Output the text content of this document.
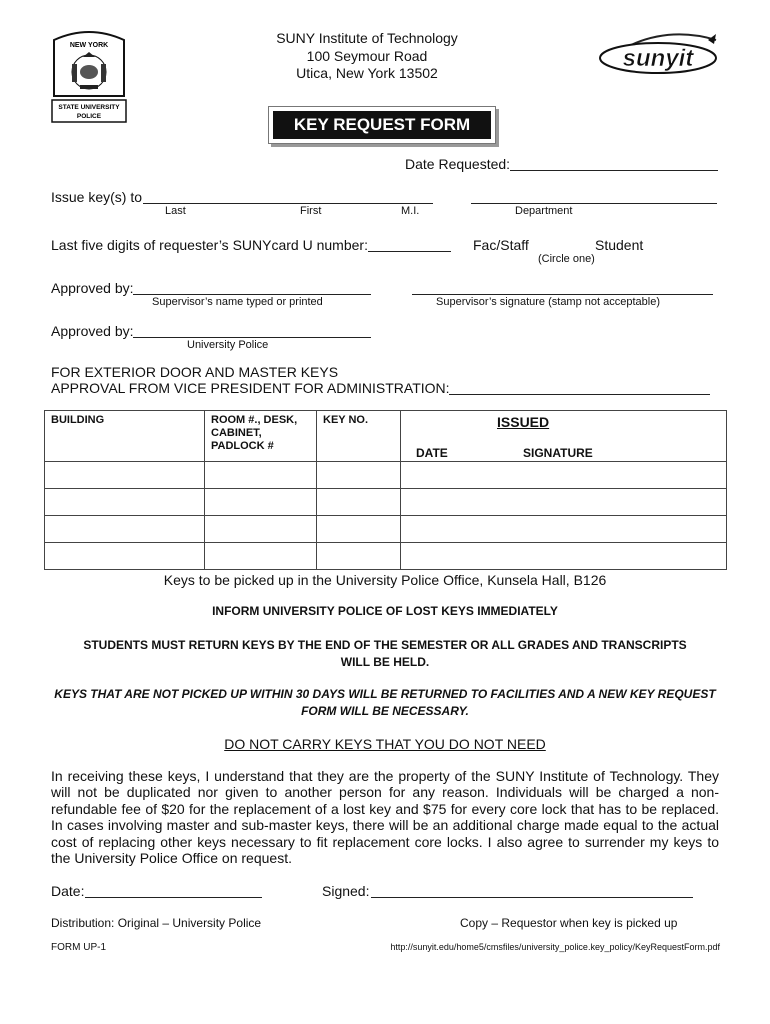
NEW YORK
STATE UNIVERSITY
POLICE
sunyit
SUNY Institute of Technology
100 Seymour Road
Utica, New York 13502
KEY REQUEST FORM
Date Requested:
Issue key(s) to
Last	First	M.I.	Department
Last five digits of requester’s SUNYcard U number:	Fac/Staff	Student
(Circle one)
Approved by:
Supervisor’s name typed or printed	Supervisor’s signature (stamp not acceptable)
Approved by:
University Police
FOR EXTERIOR DOOR AND MASTER KEYS
APPROVAL FROM VICE PRESIDENT FOR ADMINISTRATION:
BUILDING	ROOM #., DESK, CABINET, PADLOCK #	KEY NO.	ISSUED
DATE SIGNATURE

Keys to be picked up in the University Police Office, Kunsela Hall, B126
INFORM UNIVERSITY POLICE OF LOST KEYS IMMEDIATELY
STUDENTS MUST RETURN KEYS BY THE END OF THE SEMESTER OR ALL GRADES AND TRANSCRIPTS WILL BE HELD.
KEYS THAT ARE NOT PICKED UP WITHIN 30 DAYS WILL BE RETURNED TO FACILITIES AND A NEW KEY REQUEST FORM WILL BE NECESSARY.
DO NOT CARRY KEYS THAT YOU DO NOT NEED
In receiving these keys, I understand that they are the property of the SUNY Institute of Technology. They will not be duplicated nor given to another person for any reason. Individuals will be charged a non-refundable fee of $20 for the replacement of a lost key and $75 for every core lock that has to be replaced. In cases involving master and sub-master keys, there will be an additional charge made equal to the actual cost of replacing other keys necessary to fit replacement core locks. I also agree to surrender my keys to the University Police Office on request.
Date:	Signed:
Distribution: Original – University Police	Copy – Requestor when key is picked up
FORM UP-1	http://sunyit.edu/home5/cmsfiles/university_police.key_policy/KeyRequestForm.pdf
